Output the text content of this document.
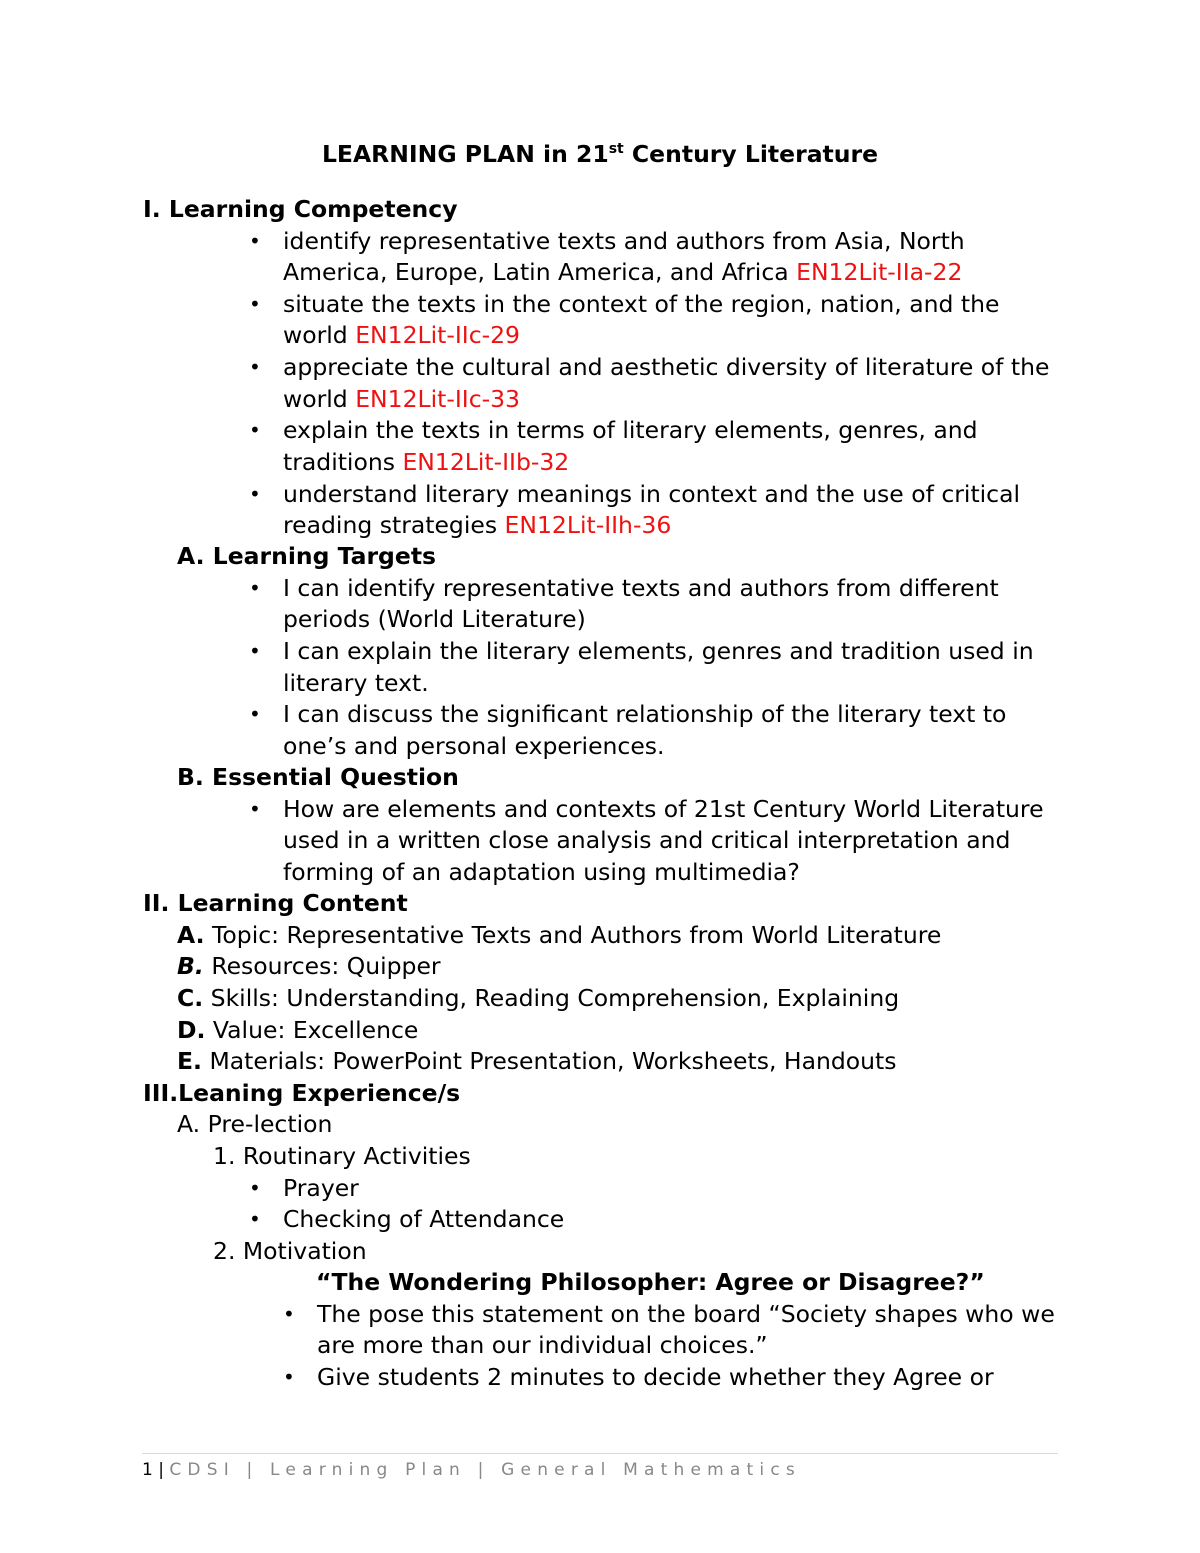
LEARNING PLAN in 21st Century Literature
I. Learning Competency
• identify representative texts and authors from Asia, North
America, Europe, Latin America, and Africa EN12Lit-IIa-22
• situate the texts in the context of the region, nation, and the
world EN12Lit-IIc-29
• appreciate the cultural and aesthetic diversity of literature of the
world EN12Lit-IIc-33
• explain the texts in terms of literary elements, genres, and
traditions EN12Lit-IIb-32
• understand literary meanings in context and the use of critical
reading strategies EN12Lit-IIh-36
A. Learning Targets
• I can identify representative texts and authors from different
periods (World Literature)
• I can explain the literary elements, genres and tradition used in
literary text.
• I can discuss the significant relationship of the literary text to
one’s and personal experiences.
B. Essential Question
• How are elements and contexts of 21st Century World Literature
used in a written close analysis and critical interpretation and
forming of an adaptation using multimedia?
II. Learning Content
A. Topic: Representative Texts and Authors from World Literature
B. Resources: Quipper
C. Skills: Understanding, Reading Comprehension, Explaining
D. Value: Excellence
E. Materials: PowerPoint Presentation, Worksheets, Handouts
III.Leaning Experience/s
A. Pre-lection
1. Routinary Activities
• Prayer
• Checking of Attendance
2. Motivation
“The Wondering Philosopher: Agree or Disagree?”
• The pose this statement on the board “Society shapes who we
are more than our individual choices.”
• Give students 2 minutes to decide whether they Agree or
1 | CDSI | Learning Plan | General Mathematics
